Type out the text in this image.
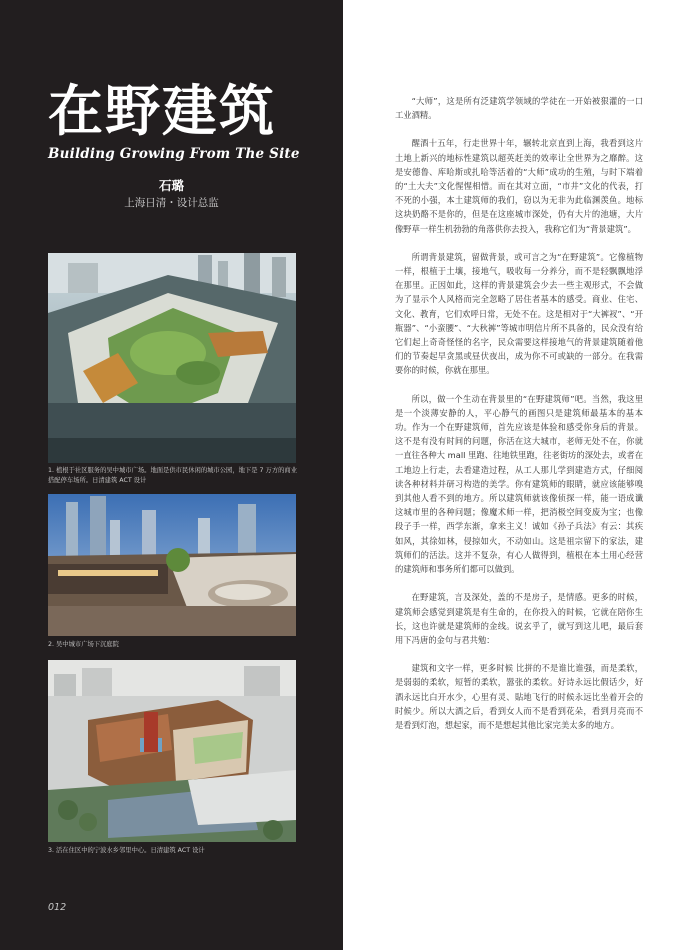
在野建筑
Building Growing From The Site
石璐
上海日清・设计总监
1. 植根于社区服务的吴中城市广场。地面是供市民休闲的城市公园，地下是 7 万方的商业搭配停车场所。日清建筑 ACT 设计
2. 吴中城市广场下沉庭院
3. 活在住区中的宁波水乡邻里中心。日清建筑 ACT 设计
012

“大师”，这是所有泛建筑学领域的学徒在一开始被狠灌的一口工业酒精。

醒酒十五年，行走世界十年，辗转北京直到上海，我看到这片土地上新兴的地标性建筑以超英赶美的效率让全世界为之靡醉。这是安德鲁、库哈斯或扎哈等活着的“大师”成功的生殖，与时下端着的“土大夫”文化惺惺相惜。而在其对立面，“市井”文化的代表，打不死的小强，本土建筑师的我们，窃以为无非为此临渊羡鱼。地标这块奶酪不是你的，但是在这座城市深处，仍有大片的池塘，大片像野草一样生机勃勃的角落供你去投入，我称它们为“背景建筑”。

所谓背景建筑，留做背景，或可言之为“在野建筑”。它像植物一样，根植于土壤，接地气，吸收每一分养分，而不是轻飘飘地浮在那里。正因如此，这样的背景建筑会少去一些主观形式，不会做为了显示个人风格而完全忽略了居住者基本的感受。商业、住宅、文化、教育，它们欢呼日常，无处不在。这是相对于“大裤衩”、“开瓶器”、“小蛮腰”、“大秋裤”等城市明信片所不具备的，民众没有给它们起上奇奇怪怪的名字，民众需要这样接地气的背景建筑随着他们的节奏起早贪黑或昼伏夜出，成为你不可或缺的一部分。在我需要你的时候，你就在那里。

所以，做一个生动在背景里的“在野建筑师”吧。当然，我这里是一个淡薄安静的人，平心静气的画图只是建筑师最基本的基本功。作为一个在野建筑师，首先应该是体验和感受你身后的背景。这不是有没有时间的问题，你活在这大城市，老师无处不在，你就一直往各种大 mall 里跑、往地铁里跑，往老街坊的深处去，或者在工地边上行走，去看建造过程，从工人那儿学到建造方式，仔细阅读各种材料并研习构造的美学。你有建筑师的眼睛，就应该能够嗅到其他人看不到的地方。所以建筑师就该像侦探一样，能一语成谶这城市里的各种问题；像魔术师一样，把消极空间变废为宝；也像段子手一样，西学东渐，拿来主义！诚如《孙子兵法》有云：其疾如风，其徐如林，侵掠如火，不动如山。这是祖宗留下的家法，建筑师们的活法。这并不复杂，有心人做得到，植根在本土用心经营的建筑师和事务所们都可以做到。

在野建筑，言及深处，盖的不是房子，是情感。更多的时候，建筑师会感觉到建筑是有生命的，在你投入的时候，它就在陪你生长，这也许就是建筑师的金线。说玄乎了，就写到这儿吧，最后套用下冯唐的金句与君共勉：

建筑和文字一样，更多时候 比拼的不是谁比谁强，而是柔软，是弱弱的柔软，短暂的柔软，嚣张的柔软。好诗永远比假话少，好酒永远比白开水少，心里有灵、貼地飞行的时候永远比坐着开会的时候少。所以大酒之后，看到女人而不是看到花朵，看到月亮而不是看到灯泡，想起家，而不是想起其他比家完美太多的地方。
